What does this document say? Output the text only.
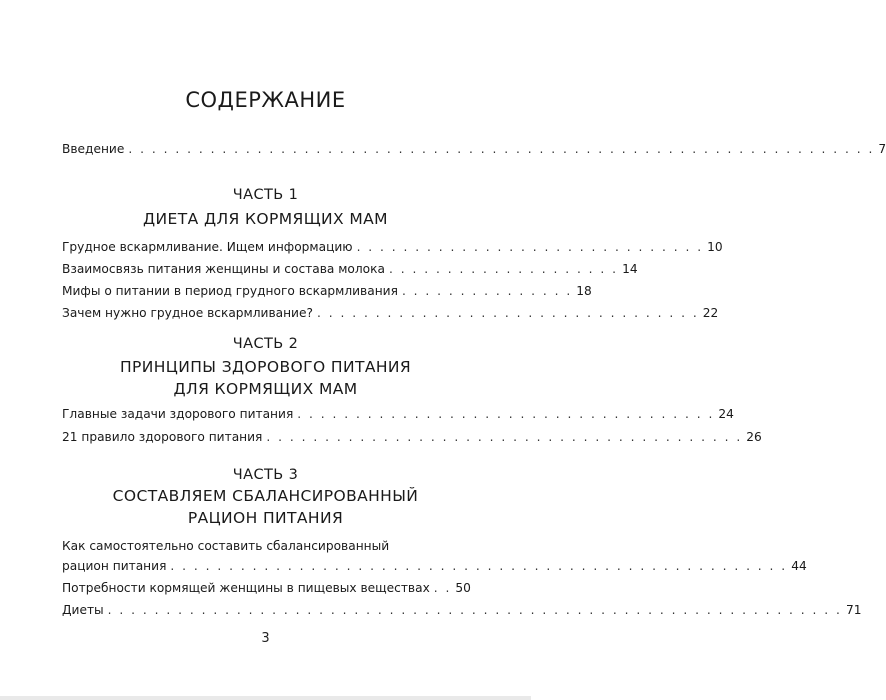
СОДЕРЖАНИЕ
Введение . . . . . . . . . . . . . . . . . . . . . . . . . . . . . . . . . . . . . . . . . . . . . . . . . . . . . . . . . . . . . . . . 7
ЧАСТЬ 1
ДИЕТА ДЛЯ КОРМЯЩИХ МАМ
Грудное вскармливание. Ищем информацию . . . . . . . . . . . . . . . . . . . . . . . . . . . . . . 10
Взаимосвязь питания женщины и состава молока . . . . . . . . . . . . . . . . . . . . 14
Мифы о питании в период грудного вскармливания . . . . . . . . . . . . . . . 18
Зачем нужно грудное вскармливание? . . . . . . . . . . . . . . . . . . . . . . . . . . . . . . . . . 22
ЧАСТЬ 2
ПРИНЦИПЫ ЗДОРОВОГО ПИТАНИЯ
ДЛЯ КОРМЯЩИХ МАМ
Главные задачи здорового питания . . . . . . . . . . . . . . . . . . . . . . . . . . . . . . . . . . . . 24
21 правило здорового питания . . . . . . . . . . . . . . . . . . . . . . . . . . . . . . . . . . . . . . . . . 26
ЧАСТЬ 3
СОСТАВЛЯЕМ СБАЛАНСИРОВАННЫЙ
РАЦИОН ПИТАНИЯ
Как самостоятельно составить сбалансированный
рацион питания . . . . . . . . . . . . . . . . . . . . . . . . . . . . . . . . . . . . . . . . . . . . . . . . . . . . . 44
Потребности кормящей женщины в пищевых веществах . . 50
Диеты . . . . . . . . . . . . . . . . . . . . . . . . . . . . . . . . . . . . . . . . . . . . . . . . . . . . . . . . . . . . . . . 71
3
